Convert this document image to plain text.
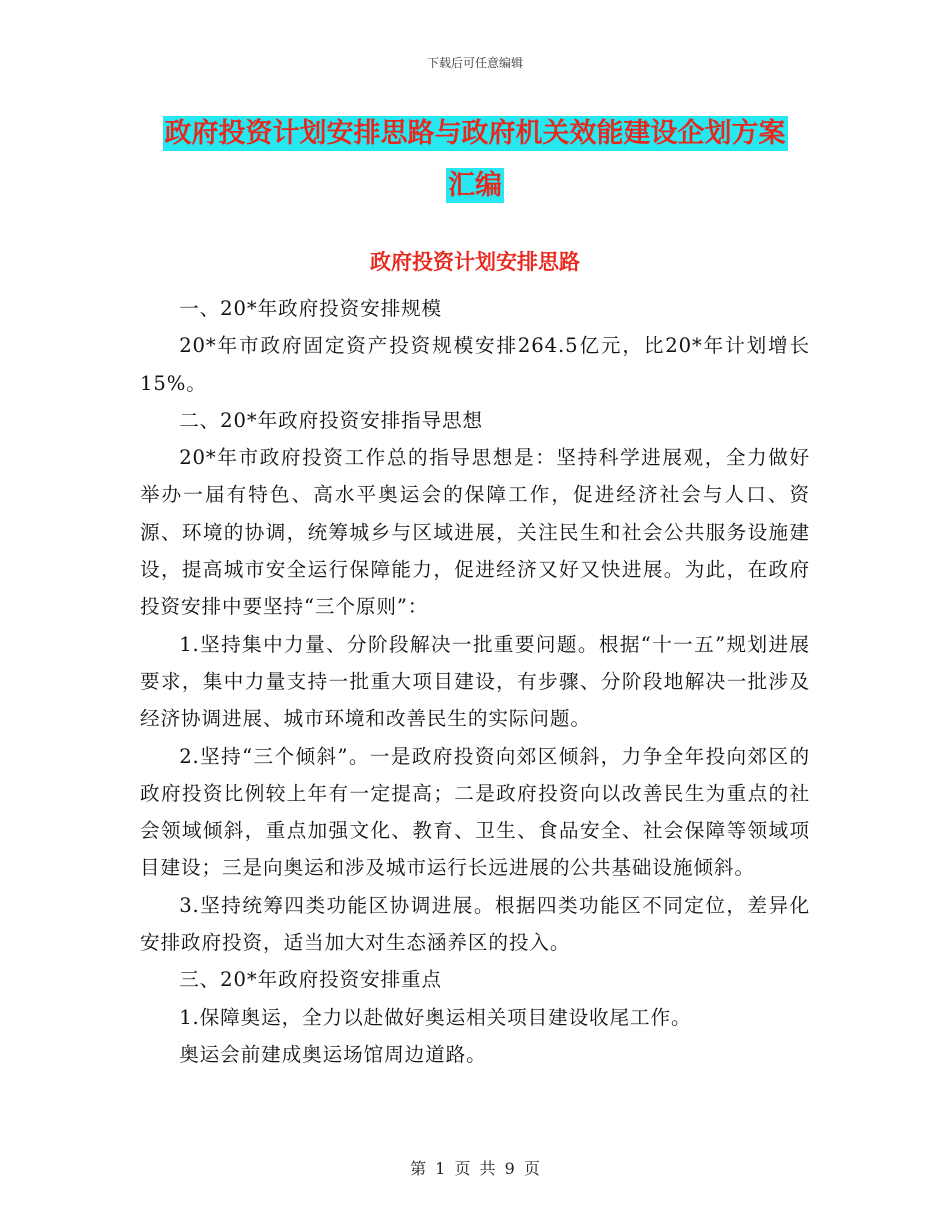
下载后可任意编辑
政府投资计划安排思路与政府机关效能建设企划方案
汇编
政府投资计划安排思路

一、20*年政府投资安排规模

20*年市政府固定资产投资规模安排264.5亿元，比20*年计划增长15%。

二、20*年政府投资安排指导思想

20*年市政府投资工作总的指导思想是：坚持科学进展观，全力做好举办一届有特色、高水平奥运会的保障工作，促进经济社会与人口、资源、环境的协调，统筹城乡与区域进展，关注民生和社会公共服务设施建设，提高城市安全运行保障能力，促进经济又好又快进展。为此，在政府投资安排中要坚持“三个原则”：

1.坚持集中力量、分阶段解决一批重要问题。根据“十一五”规划进展要求，集中力量支持一批重大项目建设，有步骤、分阶段地解决一批涉及经济协调进展、城市环境和改善民生的实际问题。

2.坚持“三个倾斜”。一是政府投资向郊区倾斜，力争全年投向郊区的政府投资比例较上年有一定提高；二是政府投资向以改善民生为重点的社会领域倾斜，重点加强文化、教育、卫生、食品安全、社会保障等领域项目建设；三是向奥运和涉及城市运行长远进展的公共基础设施倾斜。

3.坚持统筹四类功能区协调进展。根据四类功能区不同定位，差异化安排政府投资，适当加大对生态涵养区的投入。

三、20*年政府投资安排重点

1.保障奥运，全力以赴做好奥运相关项目建设收尾工作。

奥运会前建成奥运场馆周边道路。

第 1 页 共 9 页
